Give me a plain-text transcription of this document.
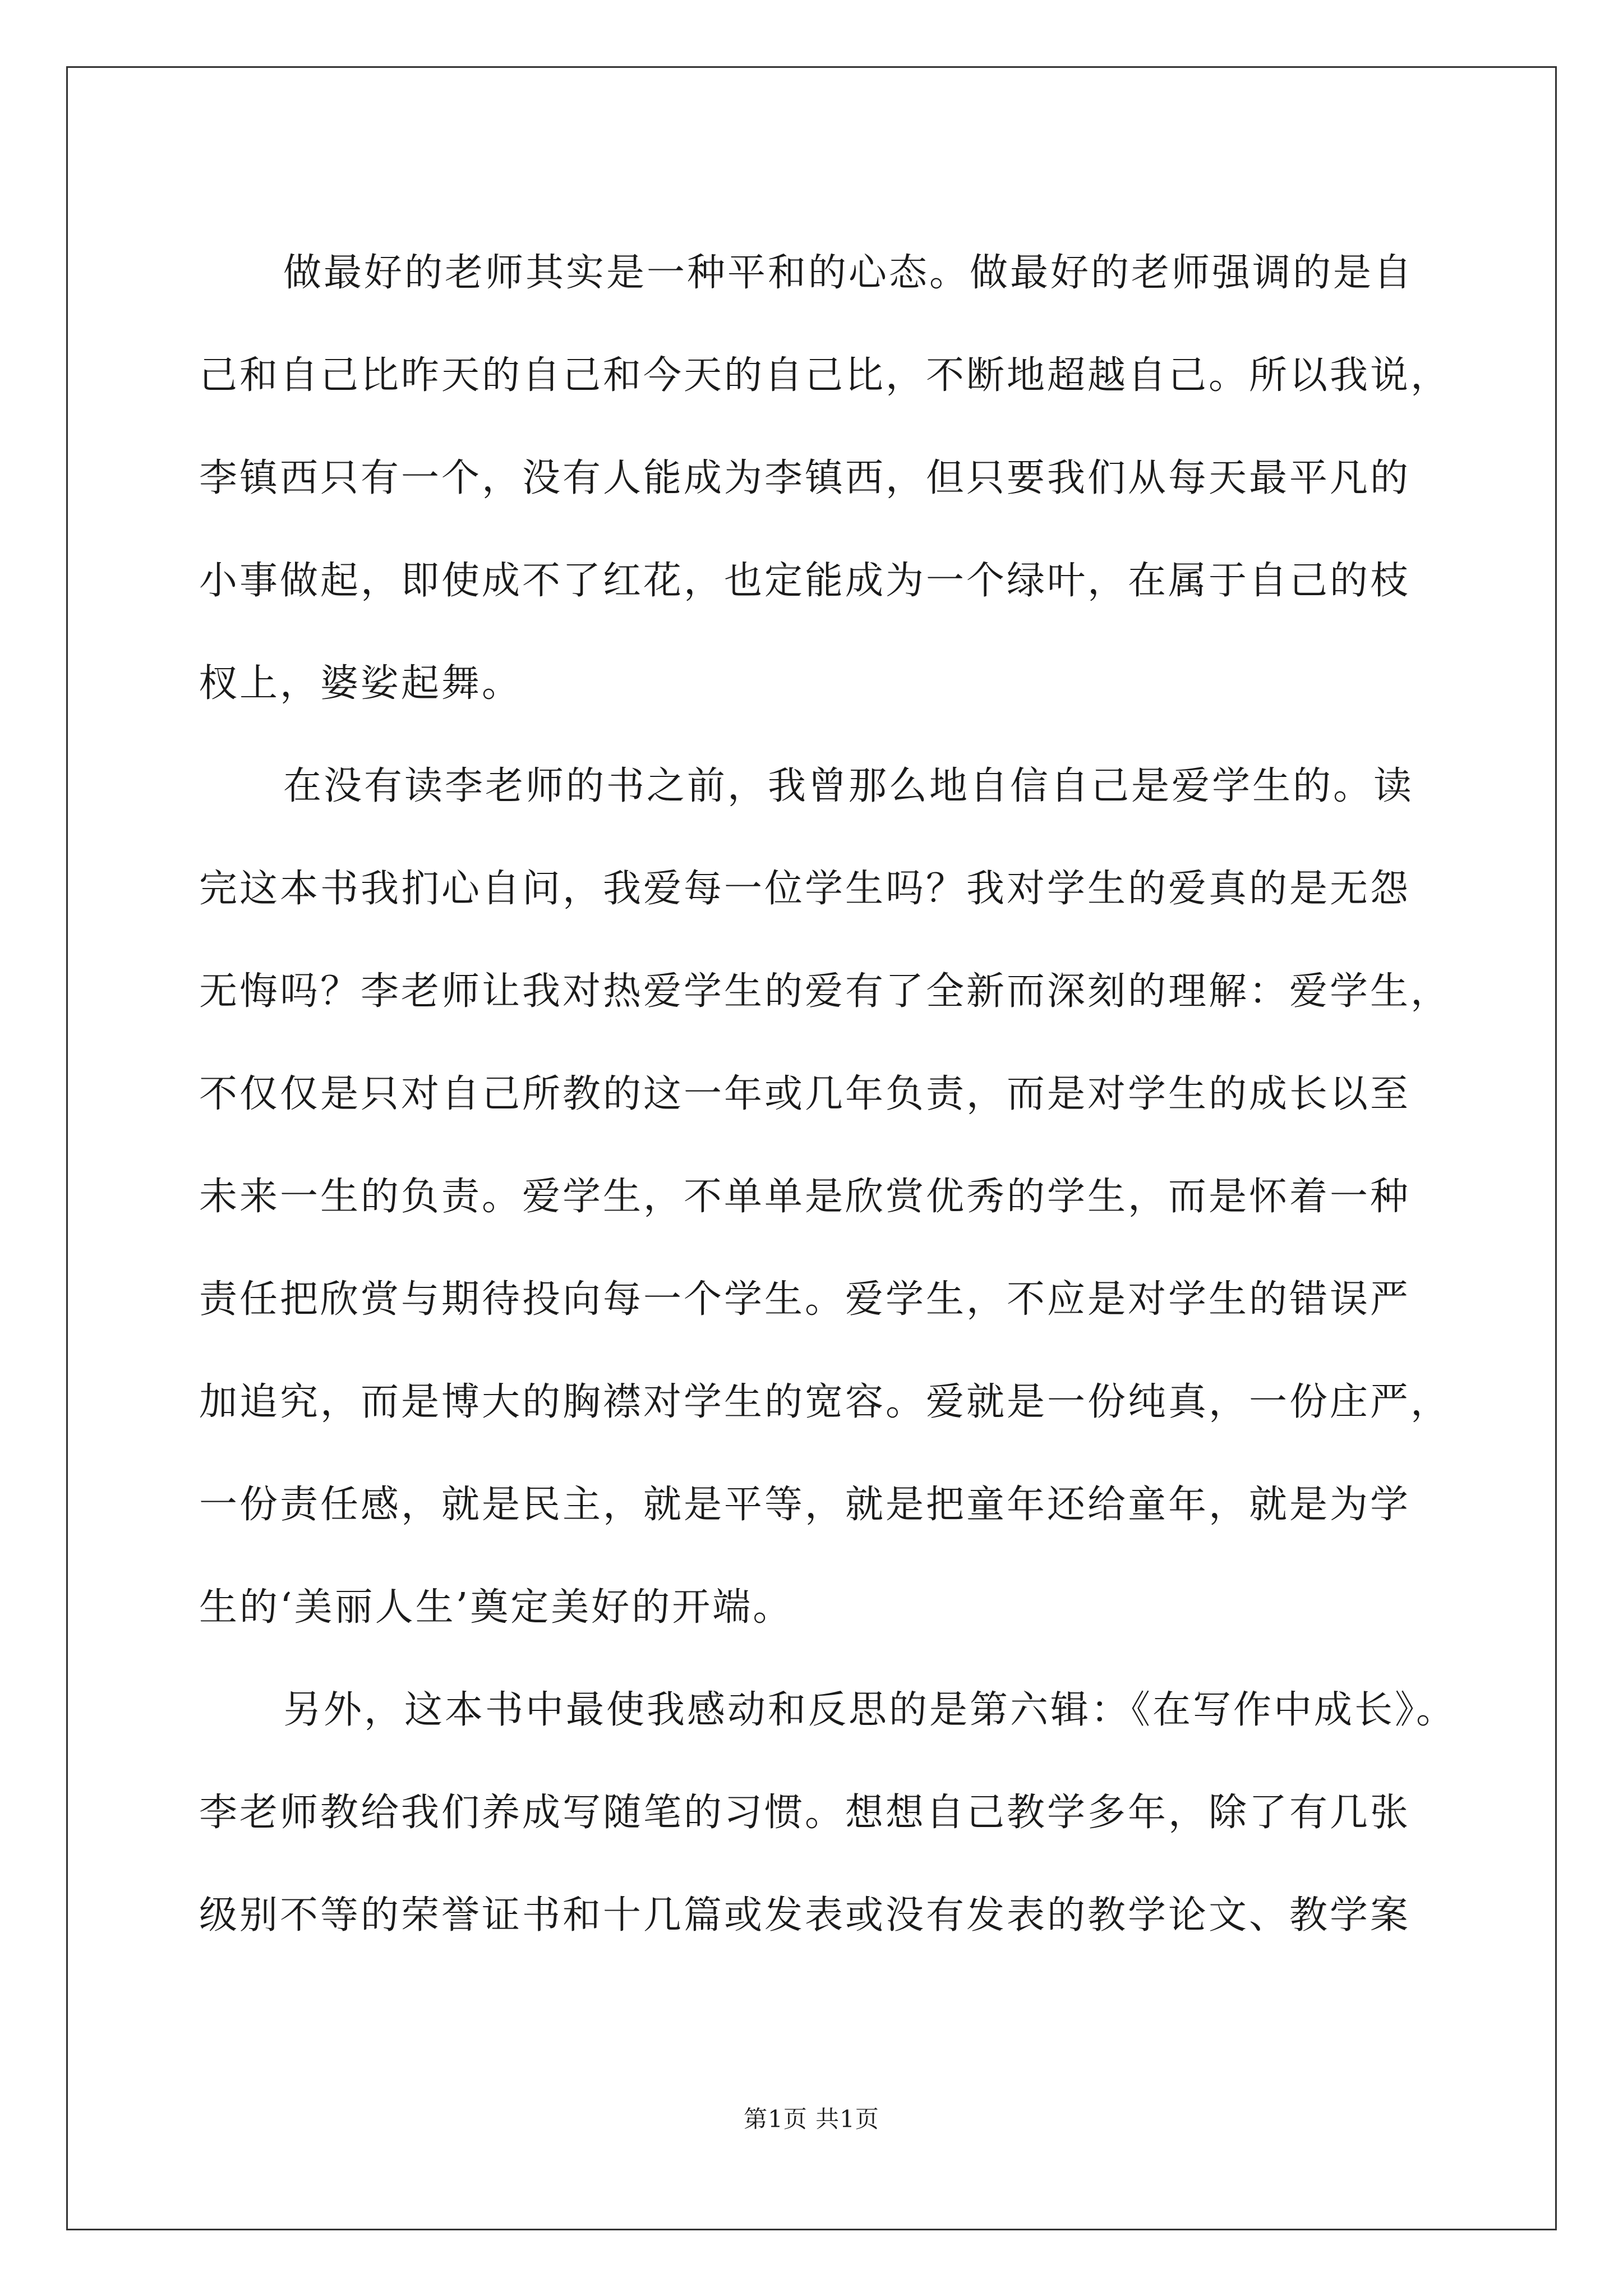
做最好的老师其实是一种平和的心态。做最好的老师强调的是自
己和自己比昨天的自己和今天的自己比，不断地超越自己。所以我说，
李镇西只有一个，没有人能成为李镇西，但只要我们从每天最平凡的
小事做起，即使成不了红花，也定能成为一个绿叶，在属于自己的枝
杈上，婆娑起舞。
在没有读李老师的书之前，我曾那么地自信自己是爱学生的。读
完这本书我扪心自问，我爱每一位学生吗？我对学生的爱真的是无怨
无悔吗？李老师让我对热爱学生的爱有了全新而深刻的理解：爱学生，
不仅仅是只对自己所教的这一年或几年负责，而是对学生的成长以至
未来一生的负责。爱学生，不单单是欣赏优秀的学生，而是怀着一种
责任把欣赏与期待投向每一个学生。爱学生，不应是对学生的错误严
加追究，而是博大的胸襟对学生的宽容。爱就是一份纯真，一份庄严，
一份责任感，就是民主，就是平等，就是把童年还给童年，就是为学
生的‘美丽人生’奠定美好的开端。
另外，这本书中最使我感动和反思的是第六辑：《在写作中成长》。
李老师教给我们养成写随笔的习惯。想想自己教学多年，除了有几张
级别不等的荣誉证书和十几篇或发表或没有发表的教学论文、教学案
第1页 共1页
